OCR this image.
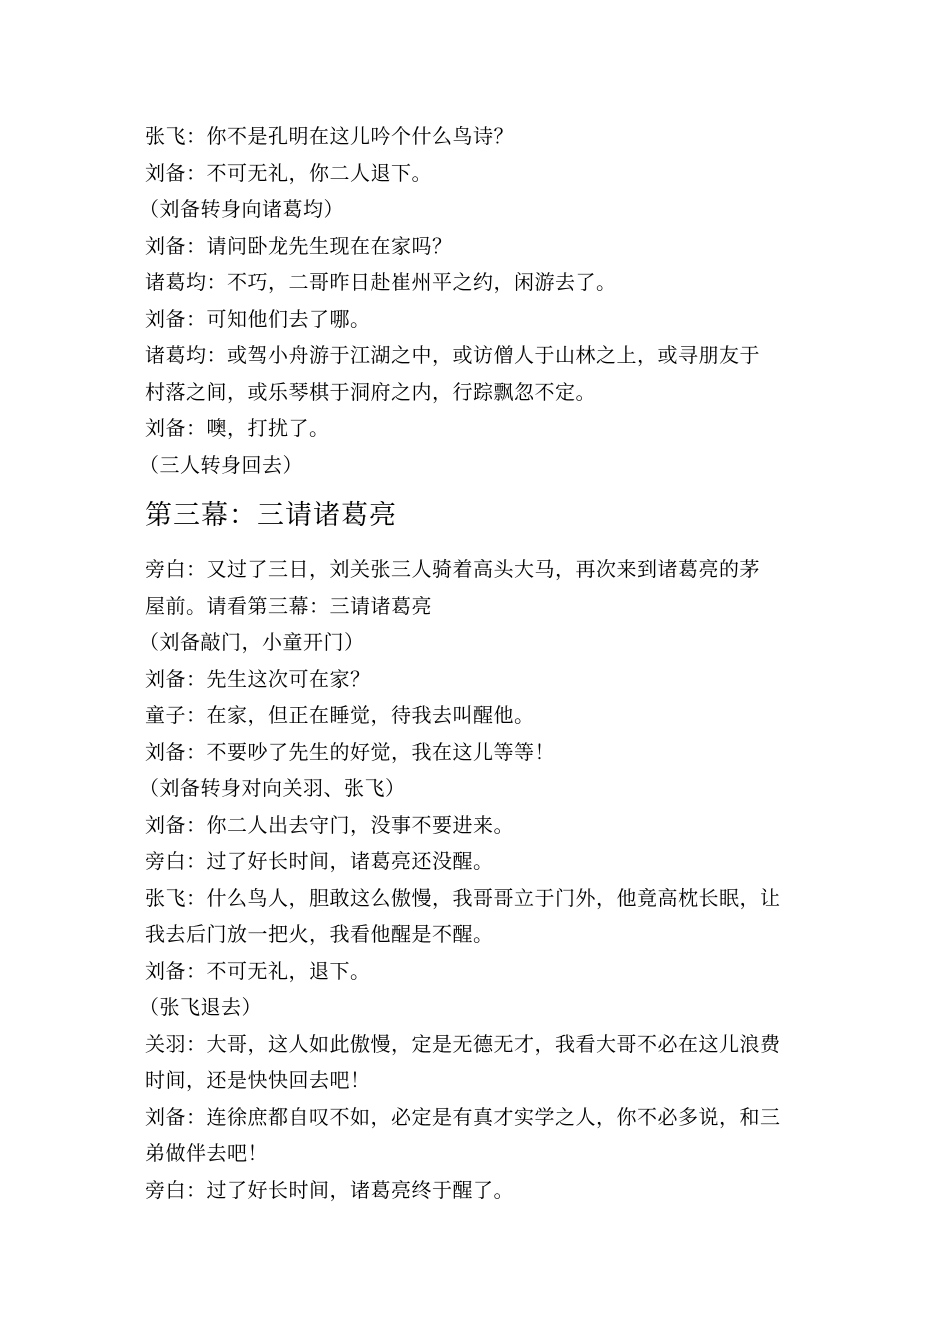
张飞：你不是孔明在这儿吟个什么鸟诗？
刘备：不可无礼，你二人退下。
（刘备转身向诸葛均）
刘备：请问卧龙先生现在在家吗？
诸葛均：不巧，二哥昨日赴崔州平之约，闲游去了。
刘备：可知他们去了哪。
诸葛均：或驾小舟游于江湖之中，或访僧人于山林之上，或寻朋友于
村落之间，或乐琴棋于洞府之内，行踪飘忽不定。
刘备：噢，打扰了。
（三人转身回去）
第三幕：三请诸葛亮
旁白：又过了三日，刘关张三人骑着高头大马，再次来到诸葛亮的茅
屋前。请看第三幕：三请诸葛亮
（刘备敲门，小童开门）
刘备：先生这次可在家？
童子：在家，但正在睡觉，待我去叫醒他。
刘备：不要吵了先生的好觉，我在这儿等等！
（刘备转身对向关羽、张飞）
刘备：你二人出去守门，没事不要进来。
旁白：过了好长时间，诸葛亮还没醒。
张飞：什么鸟人，胆敢这么傲慢，我哥哥立于门外，他竟高枕长眠，让
我去后门放一把火，我看他醒是不醒。
刘备：不可无礼，退下。
（张飞退去）
关羽：大哥，这人如此傲慢，定是无德无才，我看大哥不必在这儿浪费
时间，还是快快回去吧！
刘备：连徐庶都自叹不如，必定是有真才实学之人，你不必多说，和三
弟做伴去吧！
旁白：过了好长时间，诸葛亮终于醒了。
